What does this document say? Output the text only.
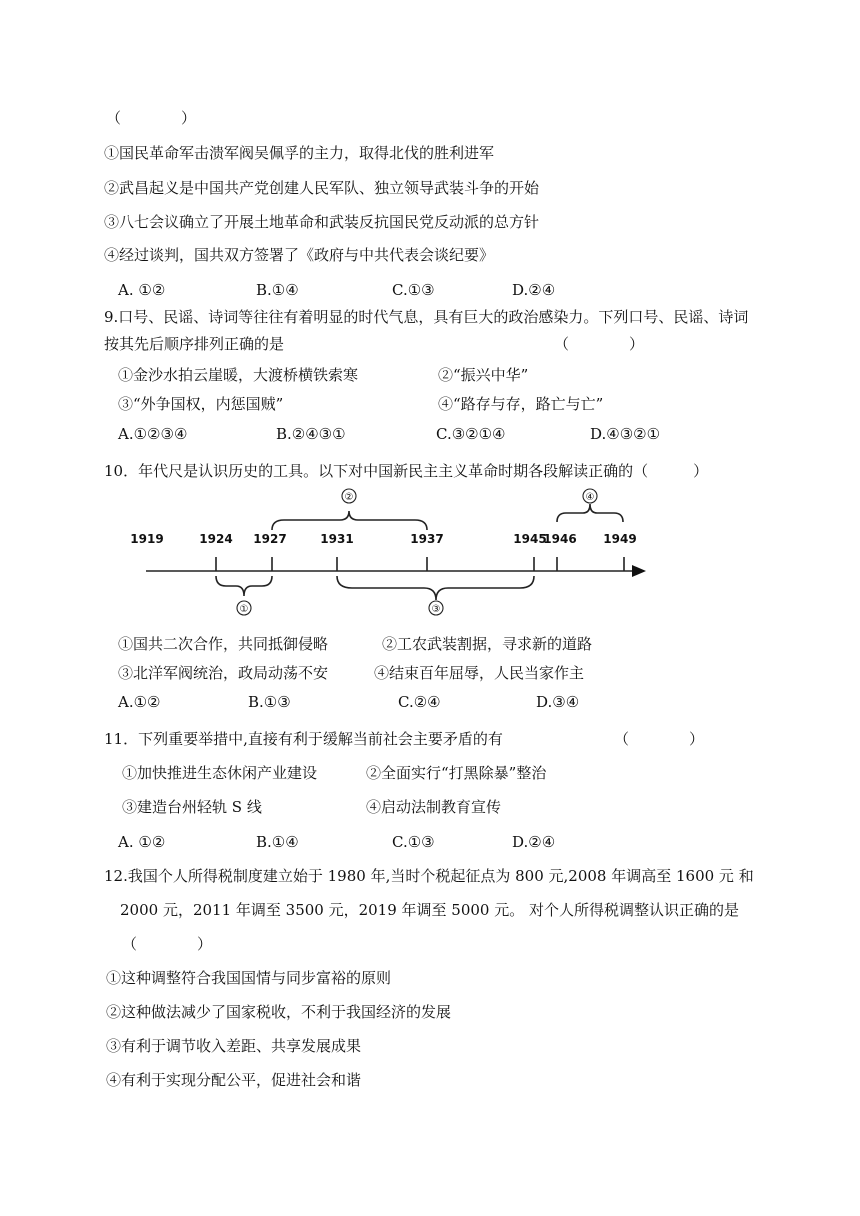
（　　　　）
①国民革命军击溃军阀吴佩孚的主力，取得北伐的胜利进军
②武昌起义是中国共产党创建人民军队、独立领导武装斗争的开始
③八七会议确立了开展土地革命和武装反抗国民党反动派的总方针
④经过谈判，国共双方签署了《政府与中共代表会谈纪要》
A. ①②	B.①④	C.①③	D.②④
9.口号、民谣、诗词等往往有着明显的时代气息，具有巨大的政治感染力。下列口号、民谣、诗词
按其先后顺序排列正确的是	（　　　　）
①金沙水拍云崖暖，大渡桥横铁索寒	②“振兴中华”
③“外争国权，内惩国贼”	④“路存与存，路亡与亡”
A.①②③④	B.②④③①	C.③②①④	D.④③②①
10．年代尺是认识历史的工具。以下对中国新民主主义革命时期各段解读正确的（　　　）
1919	1924 1927	1931	1937	1945
1946 1949
②	④
①	③
①国共二次合作，共同抵御侵略	②工农武装割据，寻求新的道路
③北洋军阀统治，政局动荡不安	④结束百年屈辱，人民当家作主
A.①②	B.①③	C.②④	D.③④
11．下列重要举措中,直接有利于缓解当前社会主要矛盾的有	（　　　　）
①加快推进生态休闲产业建设	②全面实行“打黑除暴”整治
③建造台州轻轨 S 线	④启动法制教育宣传
A. ①②	B.①④	C.①③	D.②④
12.我国个人所得税制度建立始于 1980 年,当时个税起征点为 800 元,2008 年调高至 1600 元 和
2000 元，2011 年调至 3500 元，2019 年调至 5000 元。 对个人所得税调整认识正确的是
（　　　　）
①这种调整符合我国国情与同步富裕的原则
②这种做法减少了国家税收，不利于我国经济的发展
③有利于调节收入差距、共享发展成果
④有利于实现分配公平，促进社会和谐
